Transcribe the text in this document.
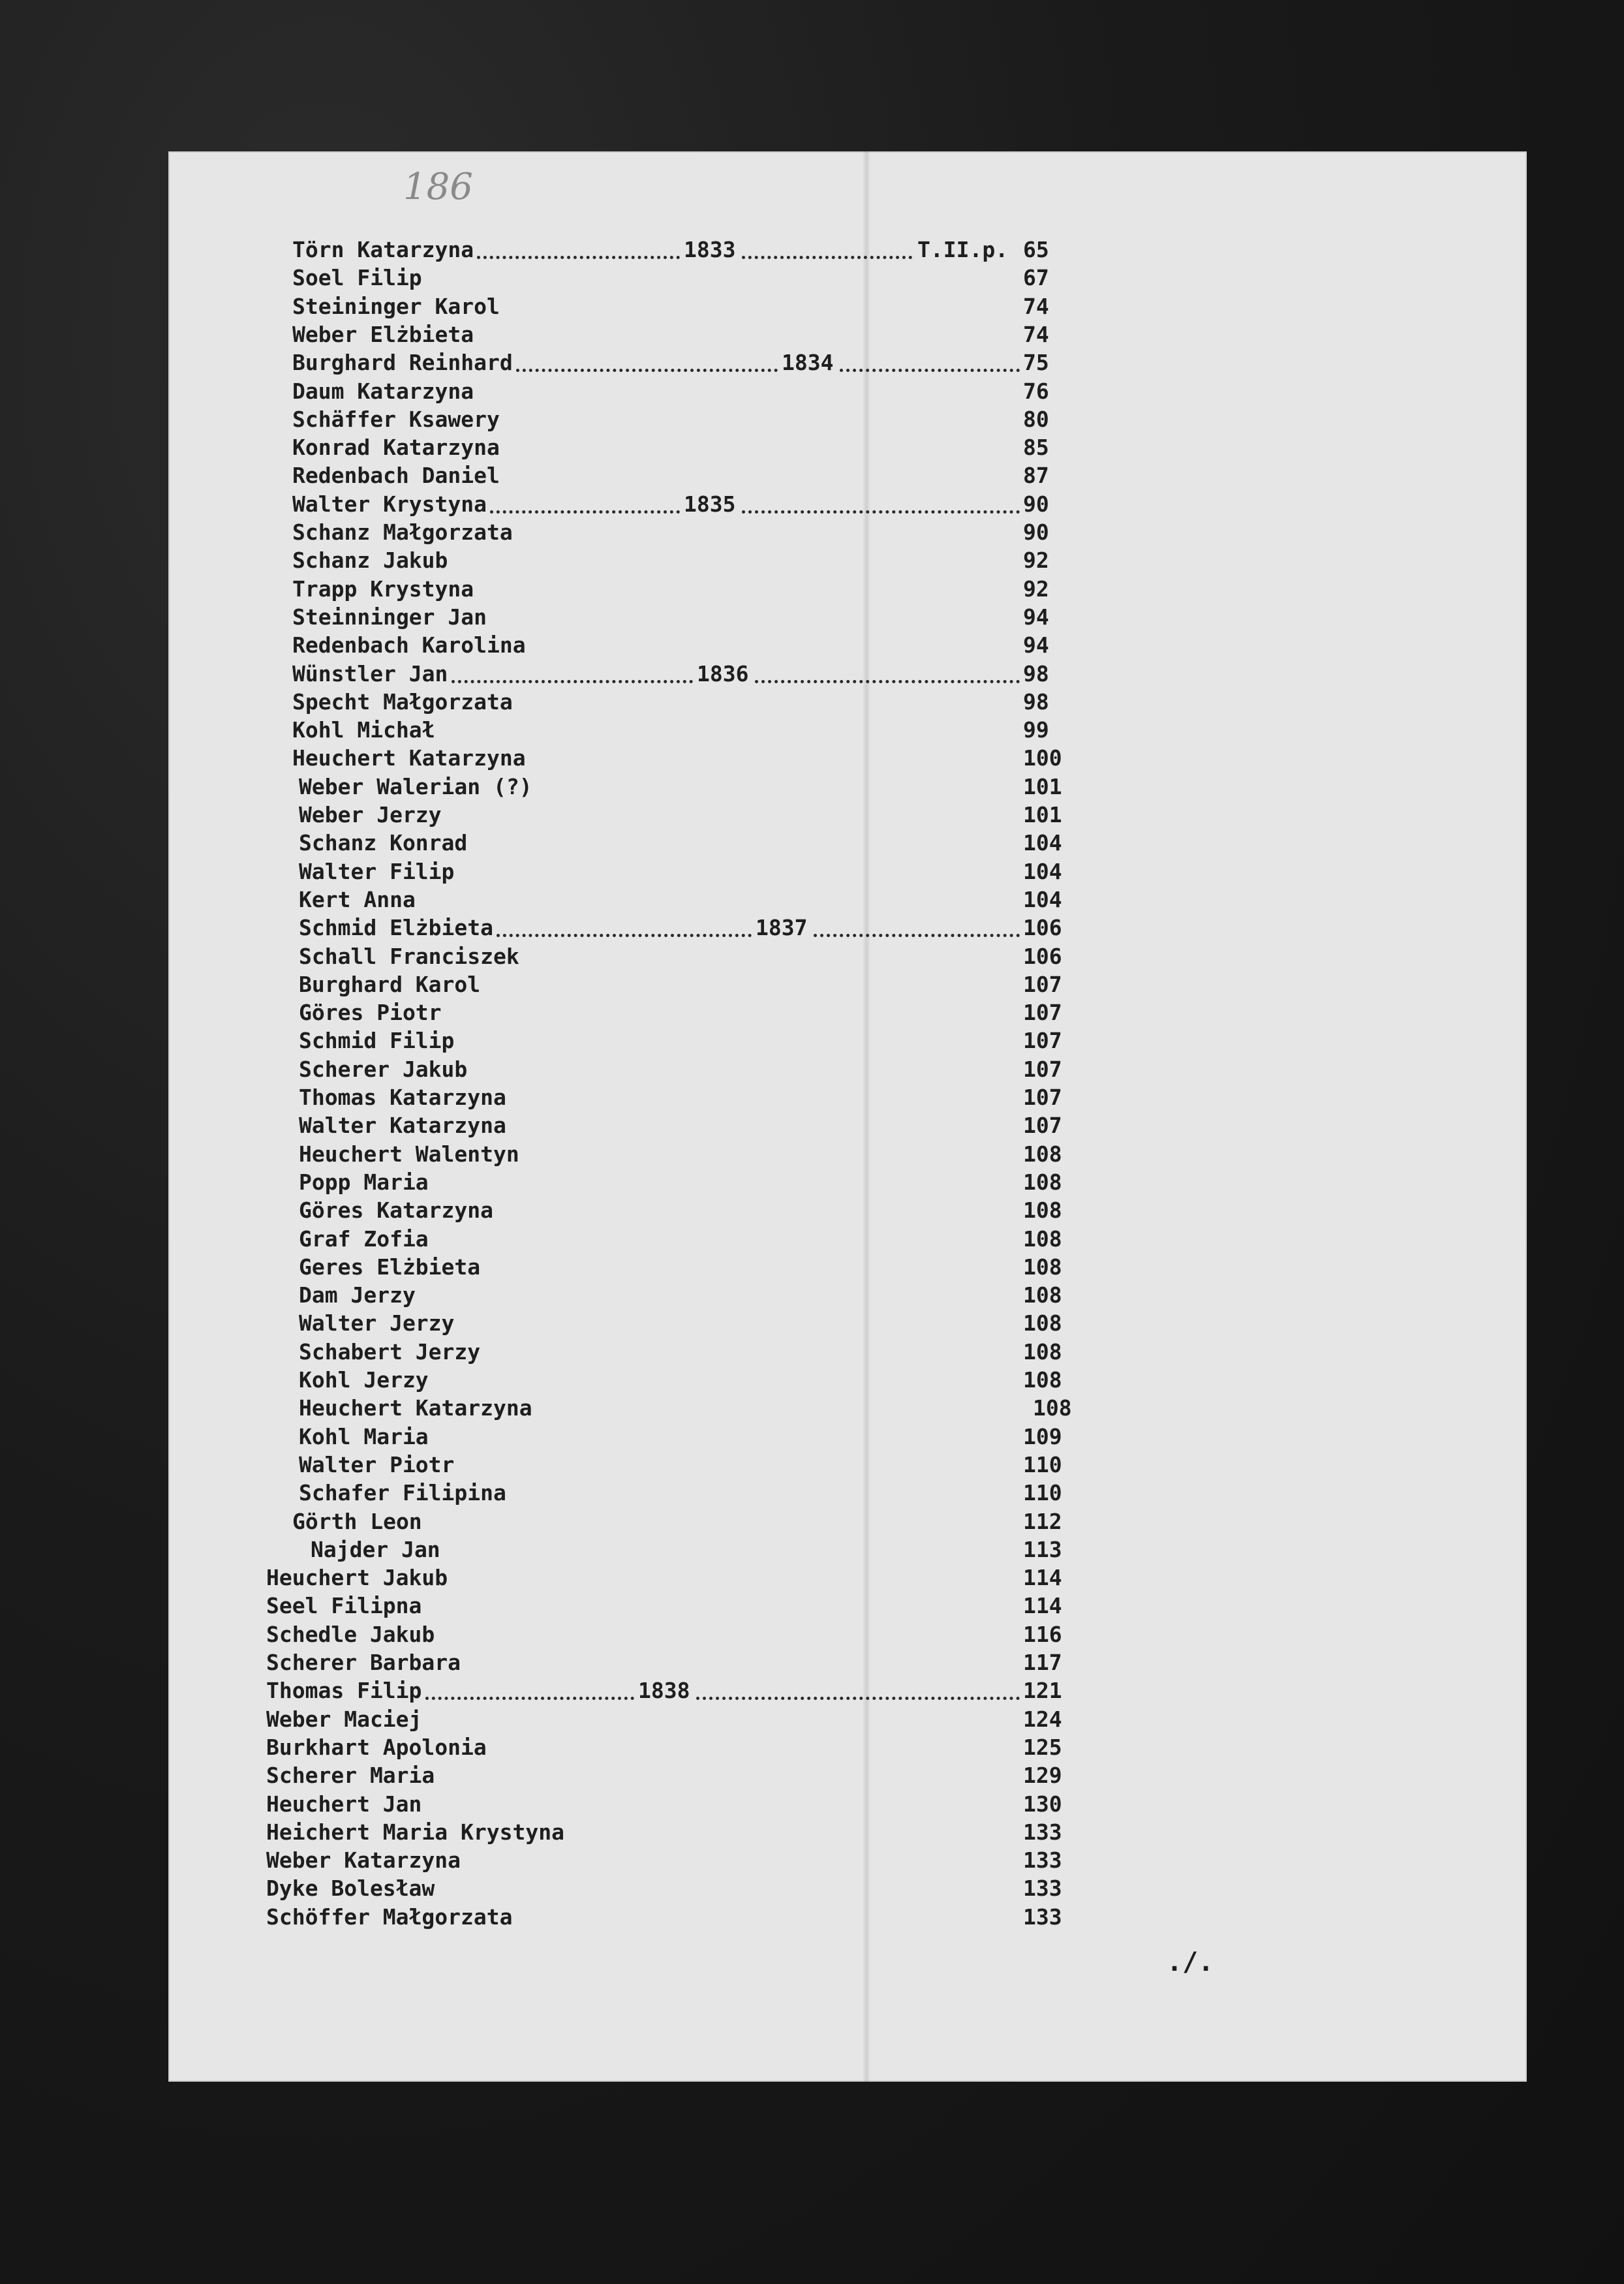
186
Törn Katarzyna	1833	T.II.p. 65
Soel Filip	67
Steininger Karol	74
Weber Elżbieta	74
Burghard Reinhard	1834	75
Daum Katarzyna	76
Schäffer Ksawery	80
Konrad Katarzyna	85
Redenbach Daniel	87
Walter Krystyna	1835	90
Schanz Małgorzata	90
Schanz Jakub	92
Trapp Krystyna	92
Steinninger Jan	94
Redenbach Karolina	94
Wünstler Jan	1836	98
Specht Małgorzata	98
Kohl Michał	99
Heuchert Katarzyna	100
Weber Walerian (?)	101
Weber Jerzy	101
Schanz Konrad	104
Walter Filip	104
Kert Anna	104
Schmid Elżbieta	1837	106
Schall Franciszek	106
Burghard Karol	107
Göres Piotr	107
Schmid Filip	107
Scherer Jakub	107
Thomas Katarzyna	107
Walter Katarzyna	107
Heuchert Walentyn	108
Popp Maria	108
Göres Katarzyna	108
Graf Zofia	108
Geres Elżbieta	108
Dam Jerzy	108
Walter Jerzy	108
Schabert Jerzy	108
Kohl Jerzy	108
Heuchert Katarzyna	108
Kohl Maria	109
Walter Piotr	110
Schafer Filipina	110
Görth Leon	112
Najder Jan	113
Heuchert Jakub	114
Seel Filipna	114
Schedle Jakub	116
Scherer Barbara	117
Thomas Filip	1838	121
Weber Maciej	124
Burkhart Apolonia	125
Scherer Maria	129
Heuchert Jan	130
Heichert Maria Krystyna	133
Weber Katarzyna	133
Dyke Bolesław	133
Schöffer Małgorzata	133
./.
